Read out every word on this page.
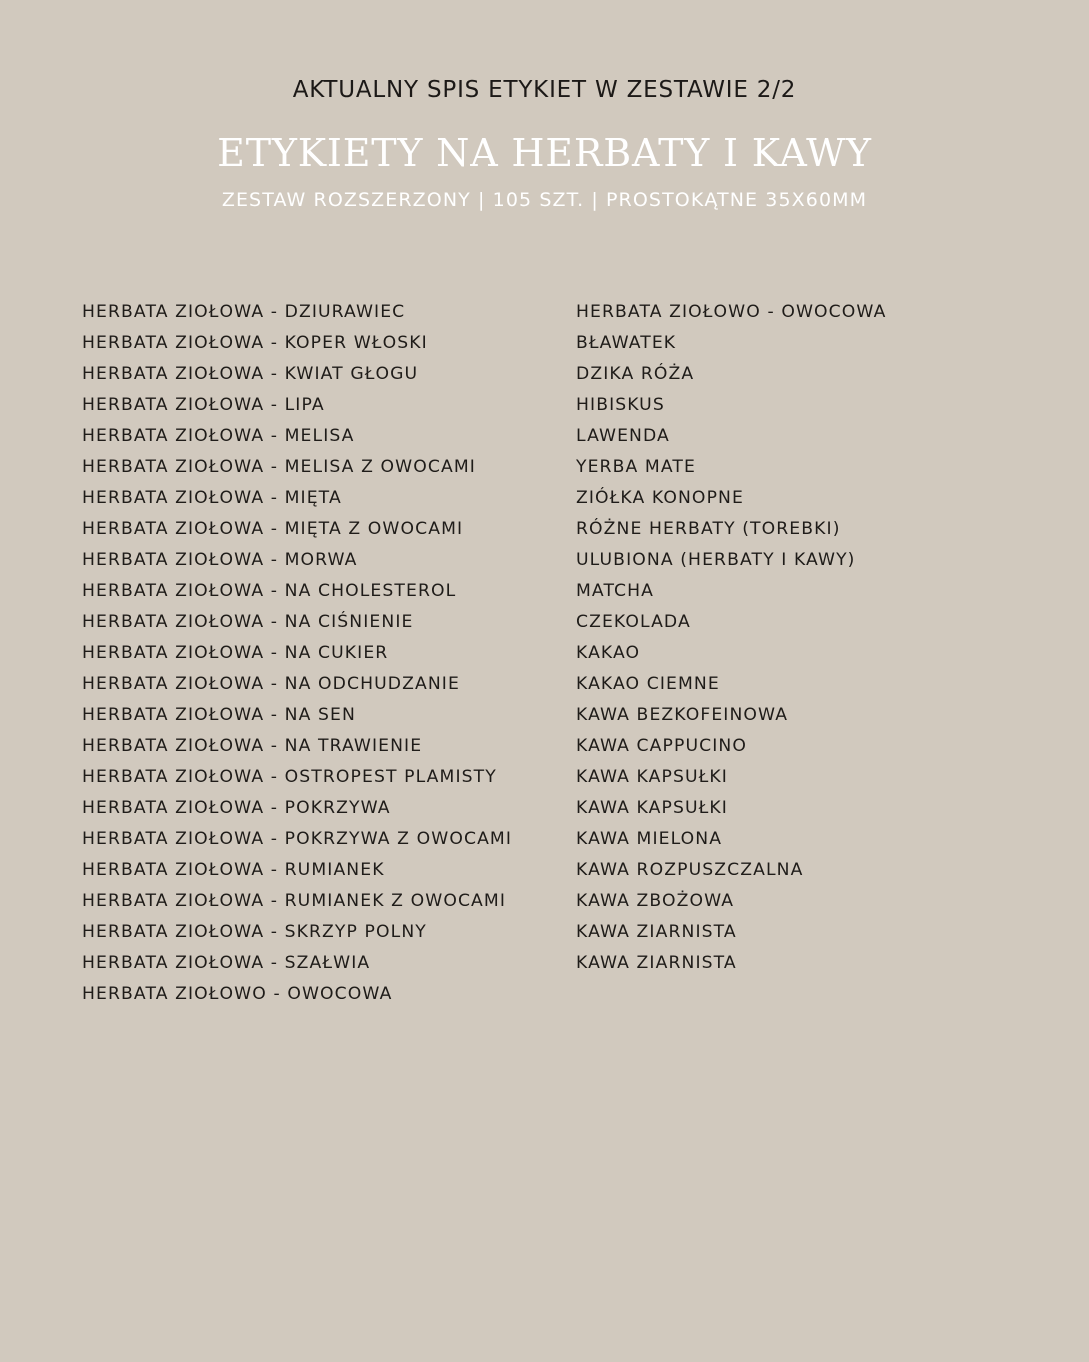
AKTUALNY SPIS ETYKIET W ZESTAWIE 2/2
ETYKIETY NA HERBATY I KAWY
ZESTAW ROZSZERZONY | 105 SZT. | PROSTOKĄTNE 35X60MM
HERBATA ZIOŁOWA - DZIURAWIEC
HERBATA ZIOŁOWA - KOPER WŁOSKI
HERBATA ZIOŁOWA - KWIAT GŁOGU
HERBATA ZIOŁOWA - LIPA
HERBATA ZIOŁOWA - MELISA
HERBATA ZIOŁOWA - MELISA Z OWOCAMI
HERBATA ZIOŁOWA - MIĘTA
HERBATA ZIOŁOWA - MIĘTA Z OWOCAMI
HERBATA ZIOŁOWA - MORWA
HERBATA ZIOŁOWA - NA CHOLESTEROL
HERBATA ZIOŁOWA - NA CIŚNIENIE
HERBATA ZIOŁOWA - NA CUKIER
HERBATA ZIOŁOWA - NA ODCHUDZANIE
HERBATA ZIOŁOWA - NA SEN
HERBATA ZIOŁOWA - NA TRAWIENIE
HERBATA ZIOŁOWA - OSTROPEST PLAMISTY
HERBATA ZIOŁOWA - POKRZYWA
HERBATA ZIOŁOWA - POKRZYWA Z OWOCAMI
HERBATA ZIOŁOWA - RUMIANEK
HERBATA ZIOŁOWA - RUMIANEK Z OWOCAMI
HERBATA ZIOŁOWA - SKRZYP POLNY
HERBATA ZIOŁOWA - SZAŁWIA
HERBATA ZIOŁOWO - OWOCOWA
HERBATA ZIOŁOWO - OWOCOWA
BŁAWATEK
DZIKA RÓŻA
HIBISKUS
LAWENDA
YERBA MATE
ZIÓŁKA KONOPNE
RÓŻNE HERBATY (TOREBKI)
ULUBIONA (HERBATY I KAWY)
MATCHA
CZEKOLADA
KAKAO
KAKAO CIEMNE
KAWA BEZKOFEINOWA
KAWA CAPPUCINO
KAWA KAPSUŁKI
KAWA KAPSUŁKI
KAWA MIELONA
KAWA ROZPUSZCZALNA
KAWA ZBOŻOWA
KAWA ZIARNISTA
KAWA ZIARNISTA
